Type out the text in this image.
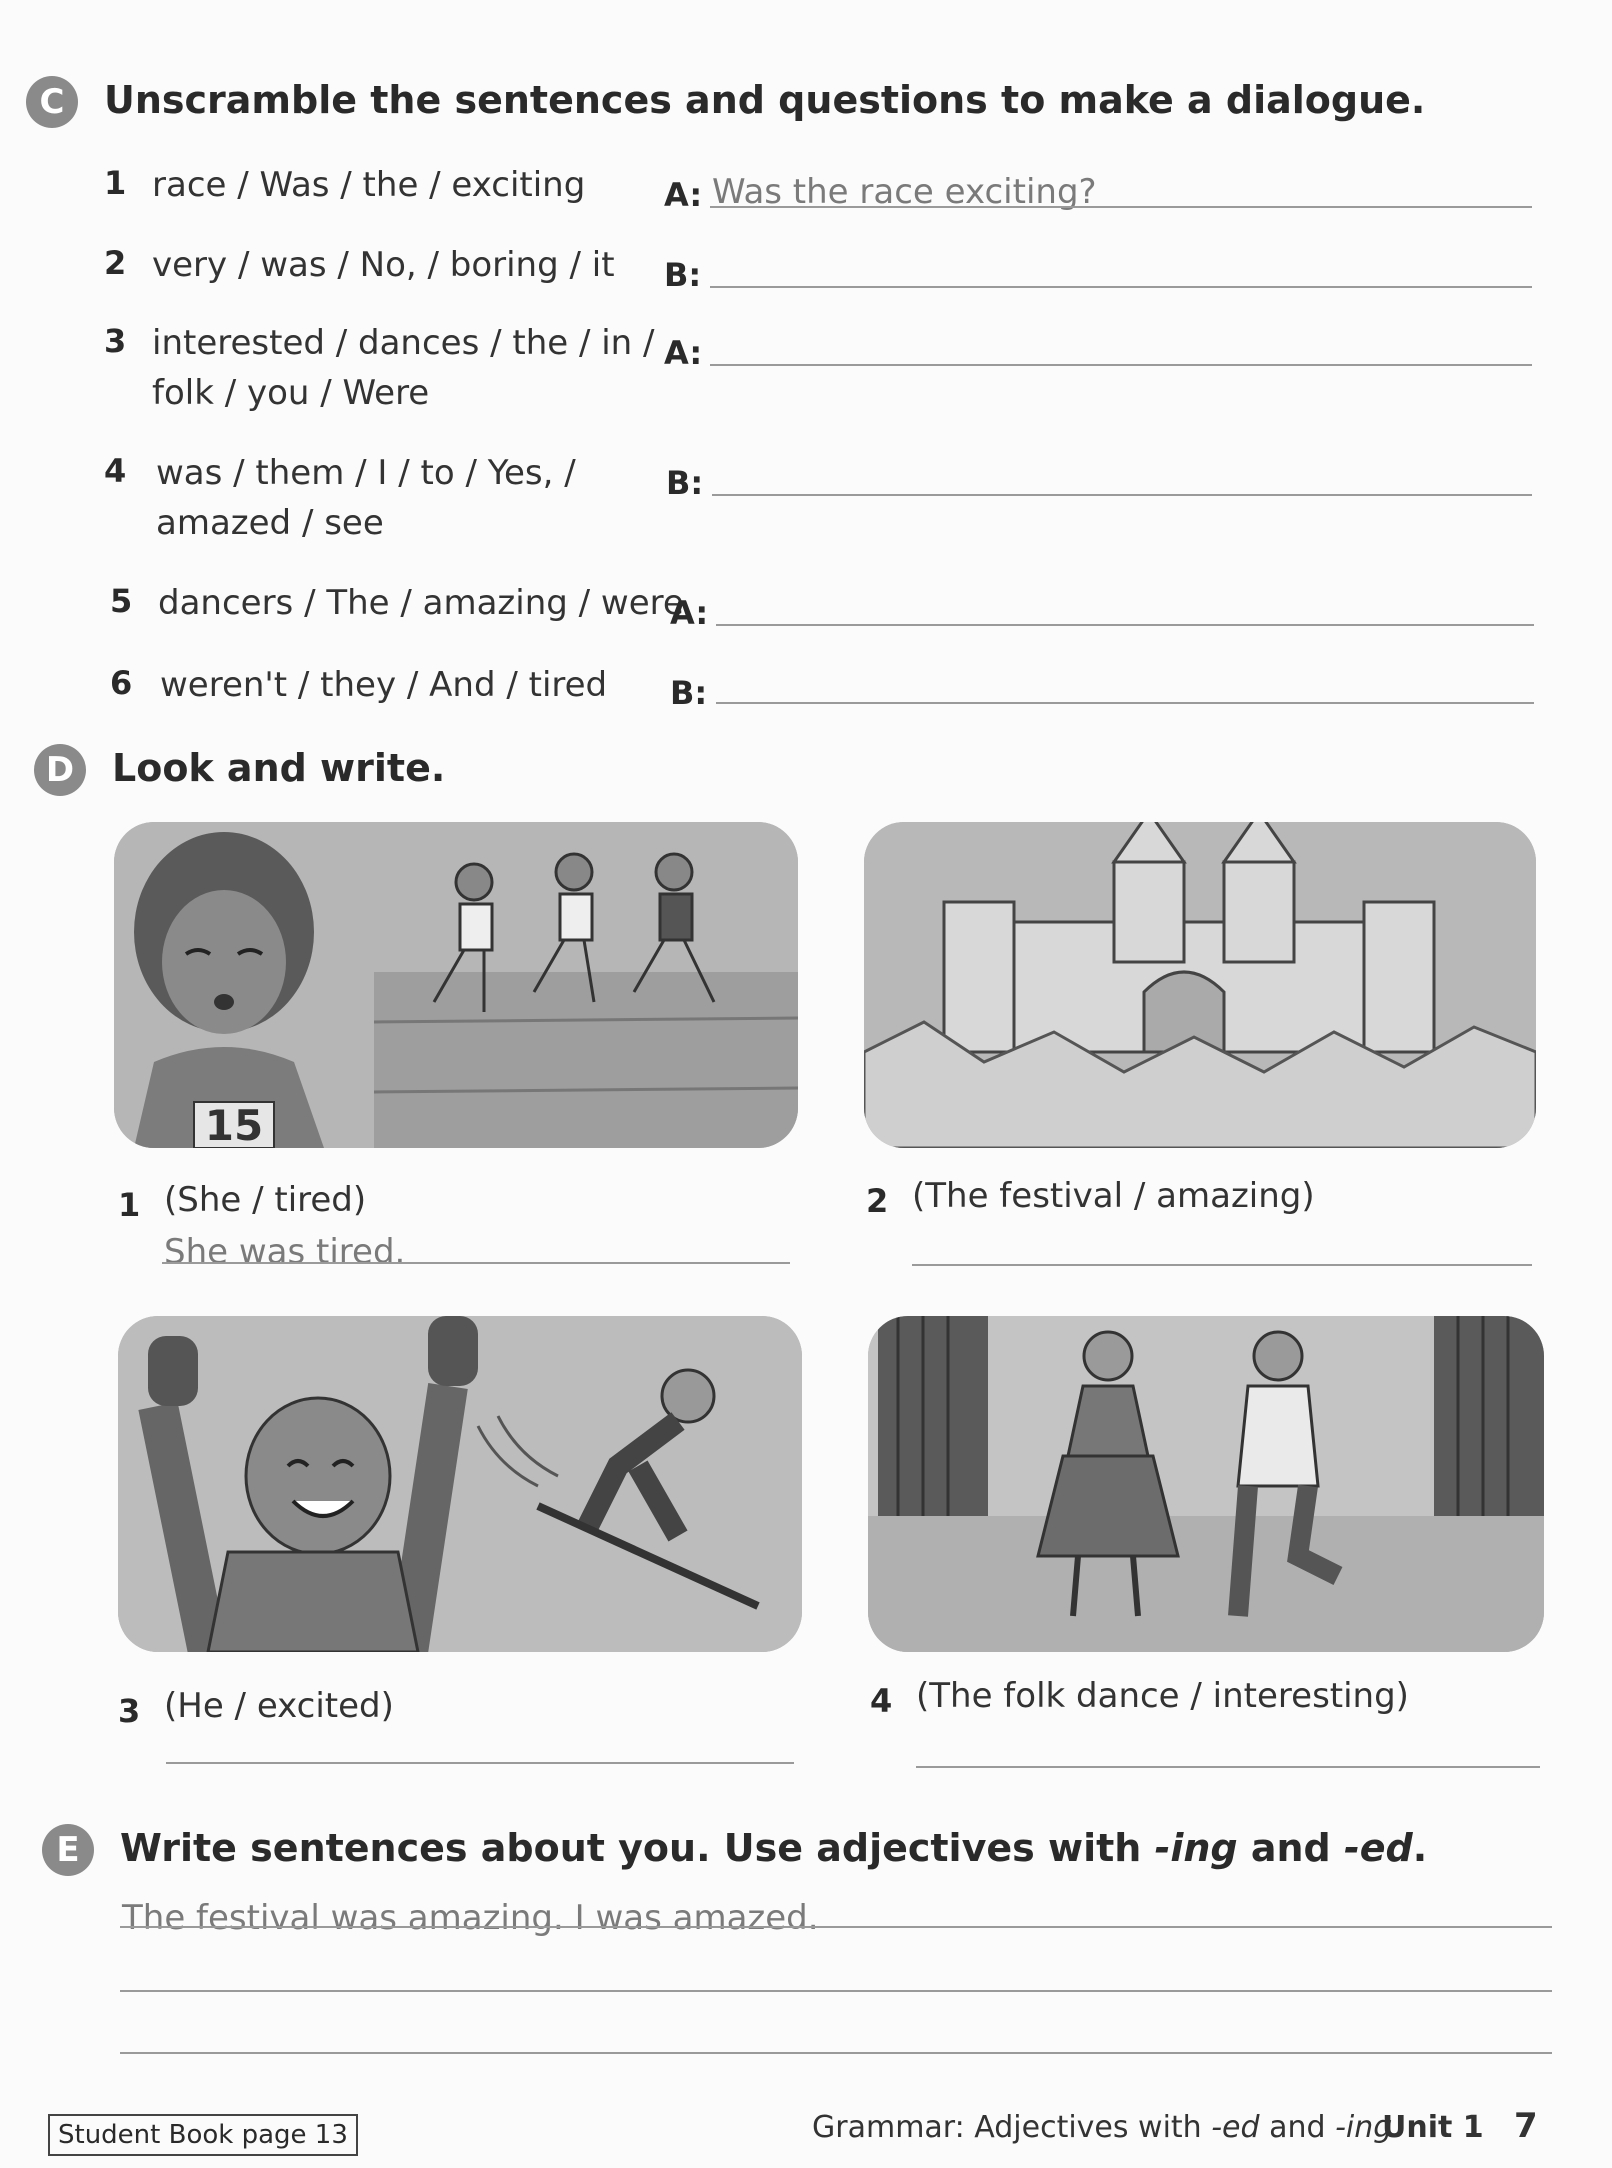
C	Unscramble the sentences and questions to make a dialogue.
1 race / Was / the / exciting A: Was the race exciting?
2 very / was / No, / boring / it B:
3 interested / dances / the / in /
folk / you / Were
A:
4 was / them / I / to / Yes, /
amazed / see
B:
5 dancers / The / amazing / were
A:
6 weren't / they / And / tired B:
D Look and write.
15
1 (She / tired)
She was tired.
2 (The festival / amazing)
3 (He / excited)	4 (The folk dance / interesting)
E	Write sentences about you. Use adjectives with -ing and -ed.
The festival was amazing. I was amazed.
Student Book page 13	Grammar: Adjectives with -ed and -ing
Unit 1 7
